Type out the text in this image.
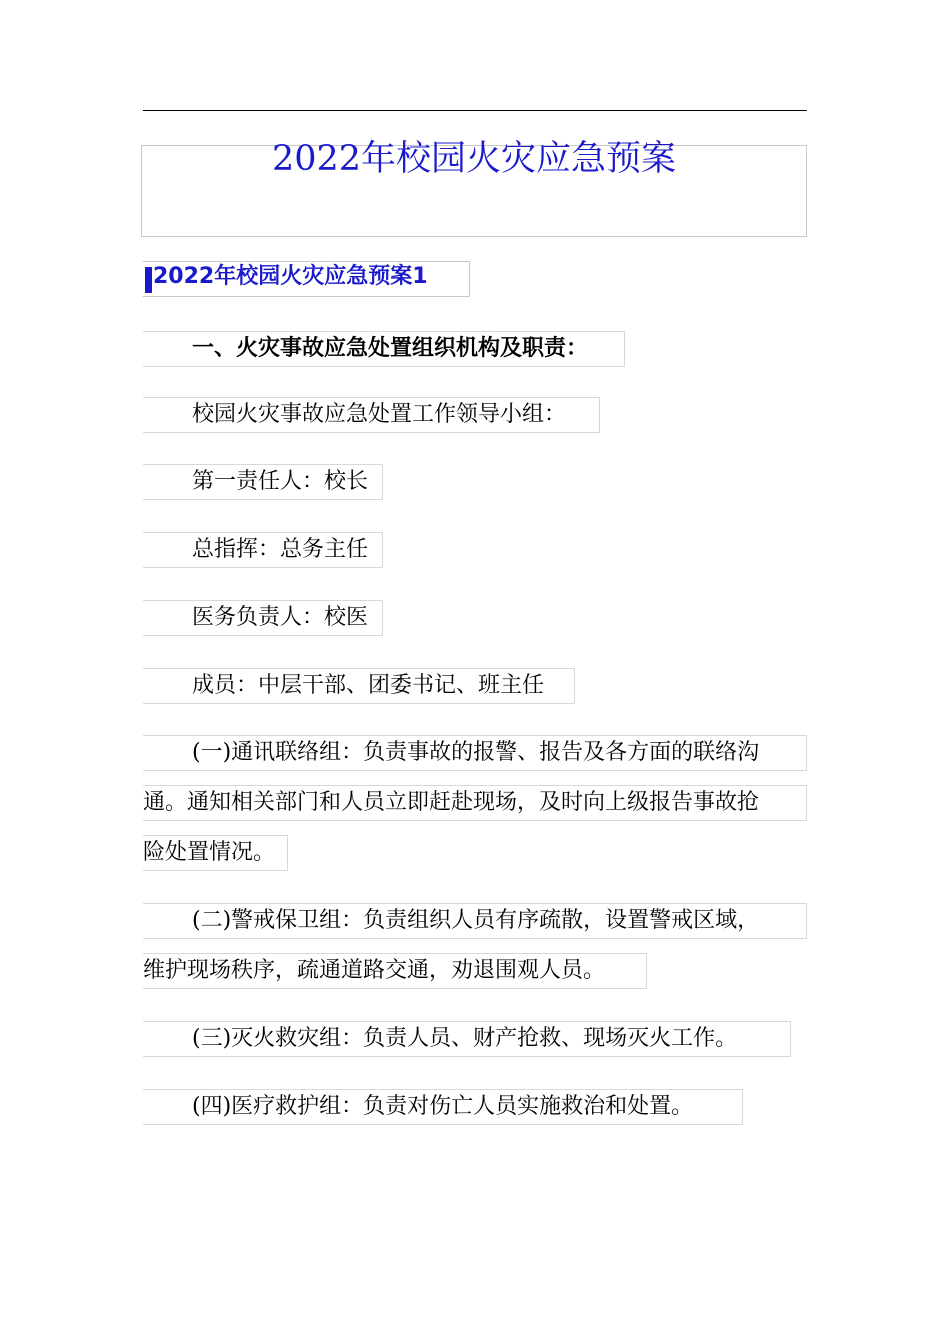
2022年校园火灾应急预案
2022年校园火灾应急预案1

一、火灾事故应急处置组织机构及职责：

校园火灾事故应急处置工作领导小组：

第一责任人：校长

总指挥：总务主任

医务负责人：校医

成员：中层干部、团委书记、班主任

(一)通讯联络组：负责事故的报警、报告及各方面的联络沟

通。通知相关部门和人员立即赶赴现场，及时向上级报告事故抢

险处置情况。

(二)警戒保卫组：负责组织人员有序疏散，设置警戒区域，

维护现场秩序，疏通道路交通，劝退围观人员。

(三)灭火救灾组：负责人员、财产抢救、现场灭火工作。

(四)医疗救护组：负责对伤亡人员实施救治和处置。
